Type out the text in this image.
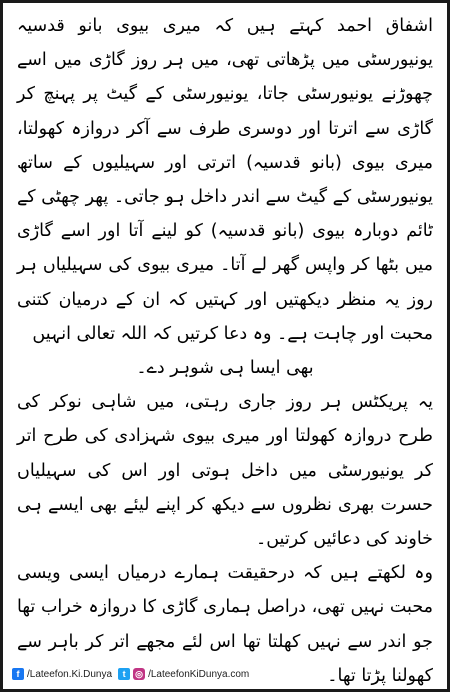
اشفاق احمد کہتے ہیں کہ میری بیوی بانو قدسیہ یونیورسٹی میں پڑھاتی تھی، میں ہر روز گاڑی میں اسے چھوڑنے یونیورسٹی جاتا، یونیورسٹی کے گیٹ پر پہنچ کر گاڑی سے اترتا اور دوسری طرف سے آکر دروازہ کھولتا، میری بیوی (بانو قدسیہ) اترتی اور سہیلیوں کے ساتھ یونیورسٹی کے گیٹ سے اندر داخل ہو جاتی۔ پھر چھٹی کے ٹائم دوبارہ بیوی (بانو قدسیہ) کو لینے آتا اور اسے گاڑی میں بٹھا کر واپس گھر لے آتا۔ میری بیوی کی سہیلیاں ہر روز یہ منظر دیکھتیں اور کہتیں کہ ان کے درمیان کتنی محبت اور چاہت ہے۔ وہ دعا کرتیں کہ اللہ تعالی انہیں

بھی ایسا ہی شوہر دے۔

یہ پریکٹس ہر روز جاری رہتی، میں شاہی نوکر کی طرح دروازہ کھولتا اور میری بیوی شہزادی کی طرح اتر کر یونیورسٹی میں داخل ہوتی اور اس کی سہیلیاں حسرت بھری نظروں سے دیکھ کر اپنے لیئے بھی ایسے ہی خاوند کی دعائیں کرتیں۔

وہ لکھتے ہیں کہ درحقیقت ہمارے درمیاں ایسی ویسی محبت نہیں تھی، دراصل ہماری گاڑی کا دروازہ خراب تھا جو اندر سے نہیں کھلتا تھا اس لئے مجھے اتر کر باہر سے کھولنا پڑتا تھا۔

f /Lateefon.Ki.Dunya	t	◎ /LateefonKiDunya.com
